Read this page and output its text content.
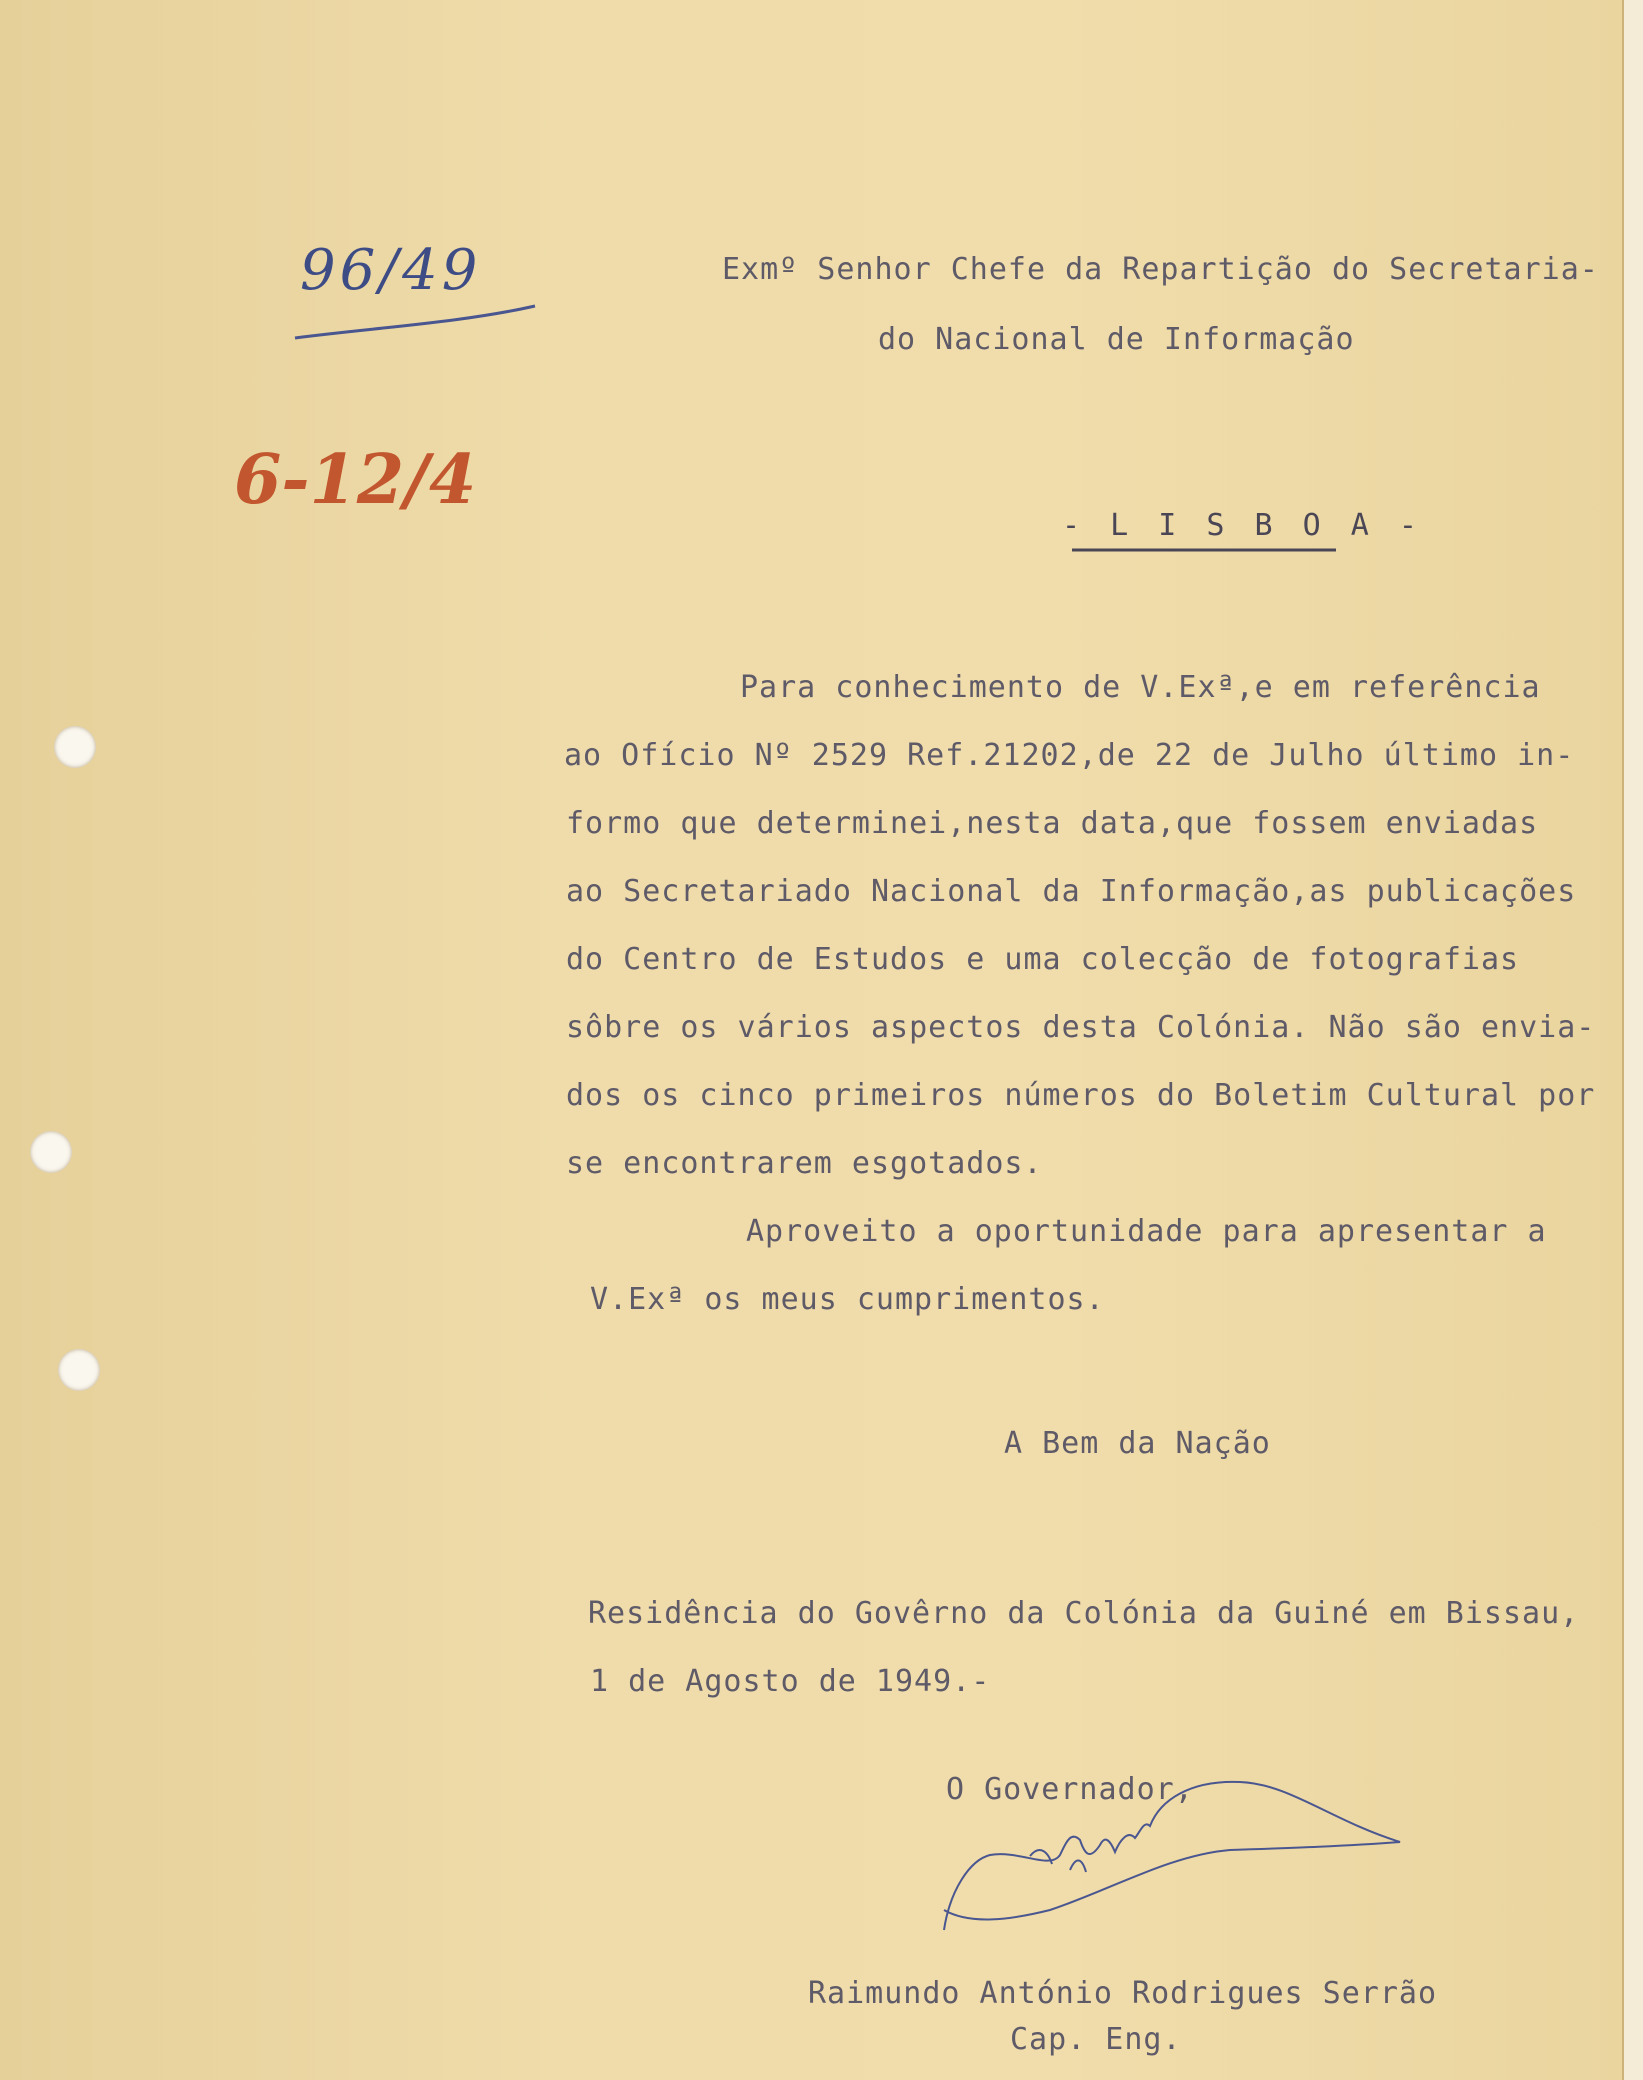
96/49
6-12/4
Exmº Senhor Chefe da Repartição do Secretaria-
do Nacional de Informação
- L I S B O A -
Para conhecimento de V.Exª,e em referência
ao Ofício Nº 2529 Ref.21202,de 22 de Julho último in-
formo que determinei,nesta data,que fossem enviadas
ao Secretariado Nacional da Informação,as publicações
do Centro de Estudos e uma colecção de fotografias
sôbre os vários aspectos desta Colónia. Não são envia-
dos os cinco primeiros números do Boletim Cultural por
se encontrarem esgotados.
Aproveito a oportunidade para apresentar a
V.Exª os meus cumprimentos.
A Bem da Nação
Residência do Govêrno da Colónia da Guiné em Bissau,
1 de Agosto de 1949.-
O Governador,
Raimundo António Rodrigues Serrão
Cap. Eng.
